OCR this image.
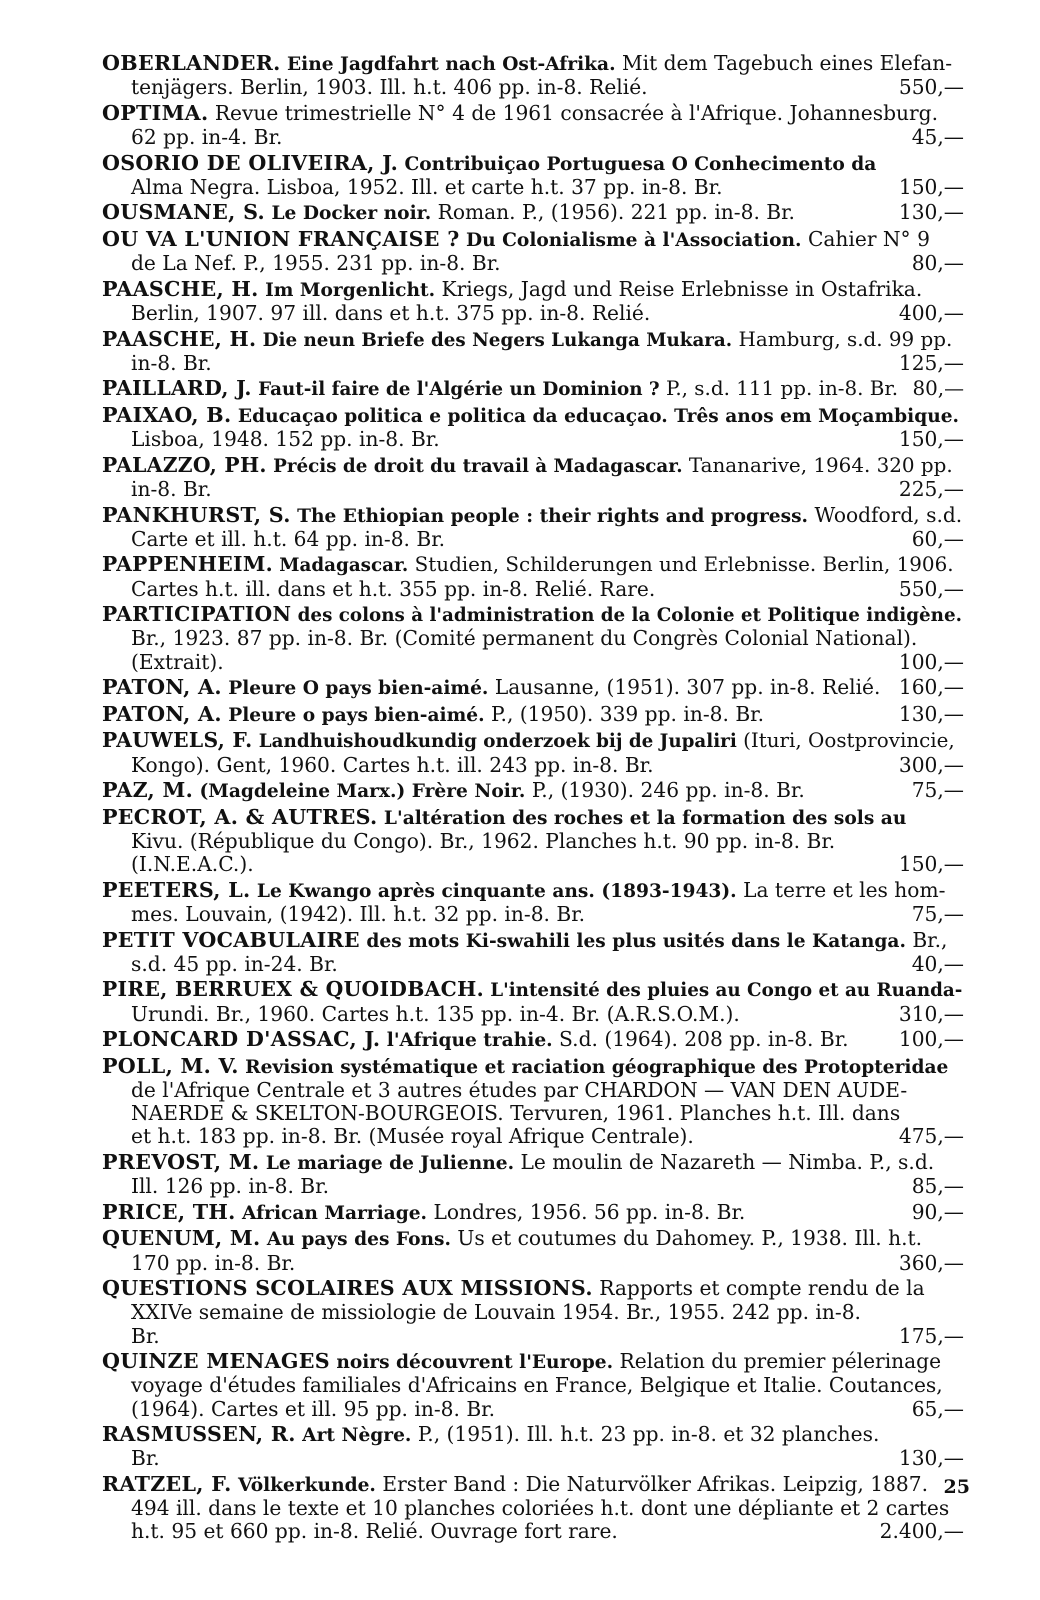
OBERLANDER. Eine Jagdfahrt nach Ost-Afrika. Mit dem Tagebuch eines Elefan-
tenjägers. Berlin, 1903. Ill. h.t. 406 pp. in-8. Relié.	550,—
OPTIMA. Revue trimestrielle N° 4 de 1961 consacrée à l'Afrique. Johannesburg.
62 pp. in-4. Br.	45,—
OSORIO DE OLIVEIRA, J. Contribuiçao Portuguesa O Conhecimento da
Alma Negra. Lisboa, 1952. Ill. et carte h.t. 37 pp. in-8. Br.	150,—
OUSMANE, S. Le Docker noir. Roman. P., (1956). 221 pp. in-8. Br.	130,—
OU VA L'UNION FRANÇAISE ? Du Colonialisme à l'Association. Cahier N° 9
de La Nef. P., 1955. 231 pp. in-8. Br.	80,—
PAASCHE, H. Im Morgenlicht. Kriegs, Jagd und Reise Erlebnisse in Ostafrika.
Berlin, 1907. 97 ill. dans et h.t. 375 pp. in-8. Relié.	400,—
PAASCHE, H. Die neun Briefe des Negers Lukanga Mukara. Hamburg, s.d. 99 pp.
in-8. Br.	125,—
PAILLARD, J. Faut-il faire de l'Algérie un Dominion ? P., s.d. 111 pp. in-8. Br. 80,—
PAIXAO, B. Educaçao politica e politica da educaçao. Três anos em Moçambique.
Lisboa, 1948. 152 pp. in-8. Br.	150,—
PALAZZO, PH. Précis de droit du travail à Madagascar. Tananarive, 1964. 320 pp.
in-8. Br.	225,—
PANKHURST, S. The Ethiopian people : their rights and progress. Woodford, s.d.
Carte et ill. h.t. 64 pp. in-8. Br.	60,—
PAPPENHEIM. Madagascar. Studien, Schilderungen und Erlebnisse. Berlin, 1906.
Cartes h.t. ill. dans et h.t. 355 pp. in-8. Relié. Rare.	550,—
PARTICIPATION des colons à l'administration de la Colonie et Politique indigène.
Br., 1923. 87 pp. in-8. Br. (Comité permanent du Congrès Colonial National).
(Extrait).	100,—
PATON, A. Pleure O pays bien-aimé. Lausanne, (1951). 307 pp. in-8. Relié. 160,—
PATON, A. Pleure o pays bien-aimé. P., (1950). 339 pp. in-8. Br.	130,—
PAUWELS, F. Landhuishoudkundig onderzoek bij de Jupaliri (Ituri, Oostprovincie,
Kongo). Gent, 1960. Cartes h.t. ill. 243 pp. in-8. Br.	300,—
PAZ, M. (Magdeleine Marx.) Frère Noir. P., (1930). 246 pp. in-8. Br.	75,—
PECROT, A. & AUTRES. L'altération des roches et la formation des sols au
Kivu. (République du Congo). Br., 1962. Planches h.t. 90 pp. in-8. Br.
(I.N.E.A.C.).	150,—
PEETERS, L. Le Kwango après cinquante ans. (1893-1943). La terre et les hom-
mes. Louvain, (1942). Ill. h.t. 32 pp. in-8. Br.	75,—
PETIT VOCABULAIRE des mots Ki-swahili les plus usités dans le Katanga. Br.,
s.d. 45 pp. in-24. Br.	40,—
PIRE, BERRUEX & QUOIDBACH. L'intensité des pluies au Congo et au Ruanda-
Urundi. Br., 1960. Cartes h.t. 135 pp. in-4. Br. (A.R.S.O.M.).	310,—
PLONCARD D'ASSAC, J. l'Afrique trahie. S.d. (1964). 208 pp. in-8. Br.	100,—
POLL, M. V. Revision systématique et raciation géographique des Protopteridae
de l'Afrique Centrale et 3 autres études par CHARDON — VAN DEN AUDE-
NAERDE & SKELTON-BOURGEOIS. Tervuren, 1961. Planches h.t. Ill. dans
et h.t. 183 pp. in-8. Br. (Musée royal Afrique Centrale).	475,—
PREVOST, M. Le mariage de Julienne. Le moulin de Nazareth — Nimba. P., s.d.
Ill. 126 pp. in-8. Br.	85,—
PRICE, TH. African Marriage. Londres, 1956. 56 pp. in-8. Br.	90,—
QUENUM, M. Au pays des Fons. Us et coutumes du Dahomey. P., 1938. Ill. h.t.
170 pp. in-8. Br.	360,—
QUESTIONS SCOLAIRES AUX MISSIONS. Rapports et compte rendu de la
XXIVe semaine de missiologie de Louvain 1954. Br., 1955. 242 pp. in-8.
Br.	175,—
QUINZE MENAGES noirs découvrent l'Europe. Relation du premier pélerinage
voyage d'études familiales d'Africains en France, Belgique et Italie. Coutances,
(1964). Cartes et ill. 95 pp. in-8. Br.	65,—
RASMUSSEN, R. Art Nègre. P., (1951). Ill. h.t. 23 pp. in-8. et 32 planches.
Br.	130,—
RATZEL, F. Völkerkunde. Erster Band : Die Naturvölker Afrikas. Leipzig, 1887.
494 ill. dans le texte et 10 planches coloriées h.t. dont une dépliante et 2 cartes
h.t. 95 et 660 pp. in-8. Relié. Ouvrage fort rare.	2.400,—
25
